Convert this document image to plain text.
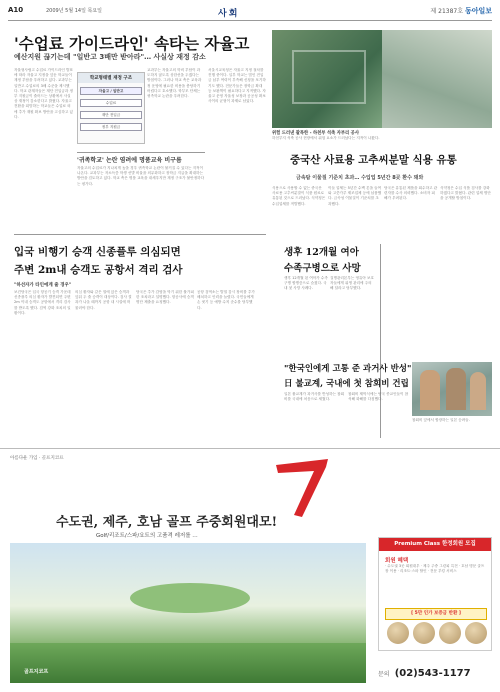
A10	2009년 5월 14일 목요일	사회	제 21387호 동아일보
'수업료 가이드라인' 속타는 자율고
예산지원 끊기는데 "일반고 3배만 받아라"… 사실상 재정 감소
자율형사립고 수업료 가이드라인 발표에 따라 자율고 지정을 앞둔 학교들이 재정 부담을 우려하고 있다. 교과부는 일반고 수업료의 3배 수준을 제시했다. 학교 관계자들은 재단 전입금과 정부 지원금이 줄어드는 상황에서 사실상 재정이 감소한다고 밝혔다. 자율고 전환을 희망하는 학교들은 수업료 외에 추가 재원 확보 방안을 고심하고 있다.
학교형태별 재정 구조
자율고 / 일반고
수업료
재단 전입금
정부 지원금
교과부는 자율고의 학비 부담이 과도하지 않도록 상한선을 두겠다는 방침이다. 그러나 학교 측은 교육과정 운영에 필요한 비용을 충당하기 어렵다고 호소했다. 학부모 단체는 귀족학교 논란을 우려한다.
서울시교육청은 자율고 지정 절차를 진행 중이다. 일부 학교는 법인 전입금 납부 여력이 부족해 신청을 포기하기도 했다. 전문가들은 장학금 확대 등 보완책이 필요하다고 지적했다. 자율고 운영 자율성 보장과 공공성 확보 사이의 균형이 과제로 남았다.
'귀족학교' 논란 염려에 명품교육 비구름
자율고의 수업료가 지나치게 높을 경우 귀족학교 논란이 불거질 수 있다는 지적이 나온다. 교과부는 저소득층 학생 선발 비율을 의무화하고 장학금 지급을 확대하는 방안을 검토하고 있다. 학교 측은 명품 교육을 내세우지만 재정 구조가 불안정하다는 평가다.
위험 드러낸 괄목한 - 하천부 석축 자부리 공사
하천부지 석축 공사 현장에서 위험 요소가 드러났다는 지적이 나왔다.
중국산 사료용 고추씨분말 식용 유통
금속탐 이물질 기준치 초과… 수입업 5년간 8곳 환수 돼와
식용으로 사용할 수 없는 중국산 사료용 고추씨분말이 식품 원료로 유통된 것으로 드러났다. 식약청은 수입업체를 적발했다.
이들 업체는 5년간 수백 톤을 들여와 고춧가루 제조업체 등에 납품했다. 금속성 이물질이 기준치를 초과했다.
당국은 유통된 제품을 회수하고 관련자를 수사 의뢰했다. 소비자 피해가 우려된다.
식약청은 수입 식품 검사를 강화하겠다고 밝혔다. 관련 업체 명단을 공개할 방침이다.
입국 비행기 승객 신종플루 의심되면
주변 2m내 승객도 공항서 격리 검사
"하선자가 타인에게 줄 경우"
보건당국은 입국 항공기 승객 가운데 신종플루 의심 환자가 발견되면 주변 2m 이내 승객도 공항에서 격리 검사를 받도록 했다. 검역 강화 조치의 일환이다.
의심 환자와 같은 열에 앉은 승객과 앞뒤 두 줄 승객이 대상이다. 검사 결과가 나올 때까지 공항 내 시설에 머물러야 한다.
당국은 추가 감염을 막기 위한 불가피한 조치라고 설명했다. 항공사에 승객 명단 제출을 요청했다.
공항 검역소는 발열 감시 장비를 추가 배치하고 인력을 늘렸다. 국민들에게 손 씻기 등 예방 수칙 준수를 당부했다.
생후 12개월 여아
수족구병으로 사망
생후 12개월 된 여아가 수족구병 합병증으로 숨졌다. 국내 첫 사망 사례다.
질병관리본부는 영유아 보호자들에게 위생 관리에 주의해 달라고 당부했다.
"한국인에게 고통 준 과거사 반성"
日 불교계, 국내에 첫 참회비 건립
일본 불교계가 과거사를 반성하는 참회비를 국내에 처음으로 세웠다.
참회비 제막식에는 양국 종교인들이 참석해 화해를 다짐했다.
참회비 앞에서 합장하는 일본 승려들.
아름다운 가입 · 골프지코프
수도권, 제주, 호남 골프 주중회원대모!
Golf/리조트/스파/요트의 고품격 레저를 …
골프지코프
Premium Class 한정회원 모집
회원 혜택
· 수도권 3곳 회원대우 · 제주 주중 그린피 특전 · 호남 명문 골프장 이용 · 리조트·스파 할인 · 전문 부킹 서비스
[ 5만 인가 보증금 반환 ]
문의 (02)543-1177
